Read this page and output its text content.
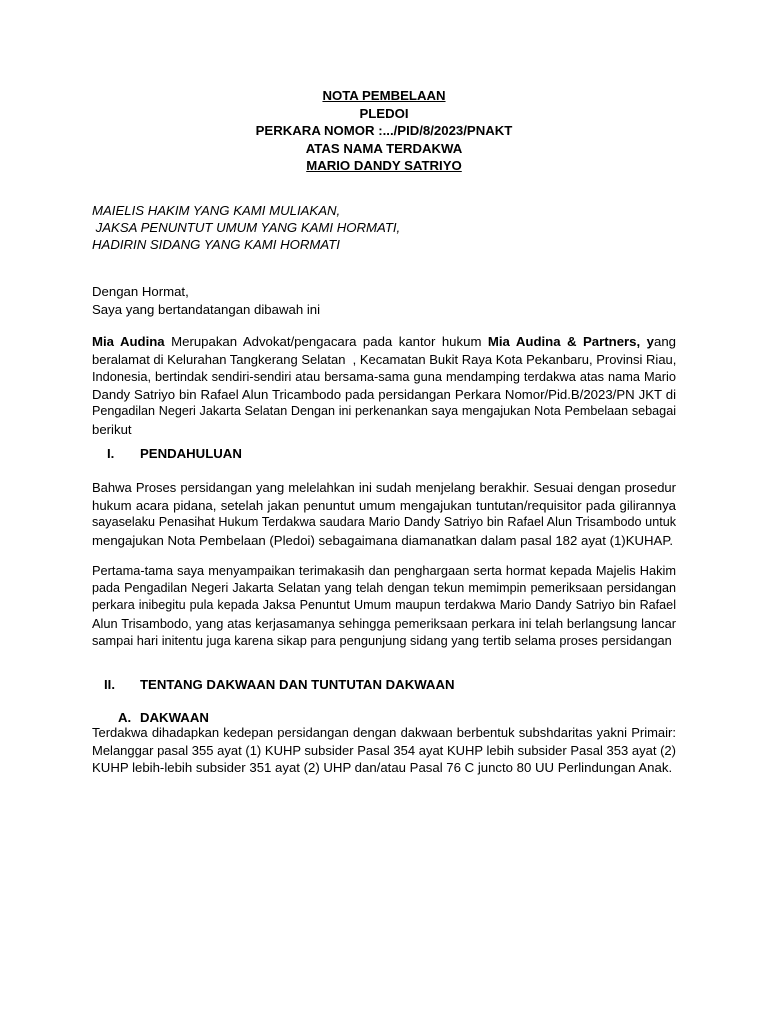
NOTA PEMBELAAN
PLEDOI
PERKARA NOMOR :.../PID/8/2023/PNAKT
ATAS NAMA TERDAKWA
MARIO DANDY SATRIYO
MAIELIS HAKIM YANG KAMI MULIAKAN,
JAKSA PENUNTUT UMUM YANG KAMI HORMATI,
HADIRIN SIDANG YANG KAMI HORMATI
Dengan Hormat,
Saya yang bertandatangan dibawah ini
Mia Audina Merupakan Advokat/pengacara pada kantor hukum Mia Audina & Partners, yang
beralamat di Kelurahan Tangkerang Selatan  , Kecamatan Bukit Raya Kota Pekanbaru, Provinsi Riau,
Indonesia, bertindak sendiri-sendiri atau bersama-sama guna mendamping terdakwa atas nama Mario
Dandy Satriyo bin Rafael Alun Tricambodo pada persidangan Perkara Nomor/Pid.B/2023/PN JKT di
Pengadilan Negeri Jakarta Selatan Dengan ini perkenankan saya mengajukan Nota Pembelaan sebagai
berikut
I. PENDAHULUAN
Bahwa Proses persidangan yang melelahkan ini sudah menjelang berakhir. Sesuai dengan prosedur
hukum acara pidana, setelah jakan penuntut umum mengajukan tuntutan/requisitor pada gilirannya
sayaselaku Penasihat Hukum Terdakwa saudara Mario Dandy Satriyo bin Rafael Alun Trisambodo untuk
mengajukan Nota Pembelaan (Pledoi) sebagaimana diamanatkan dalam pasal 182 ayat (1)KUHAP.
Pertama-tama saya menyampaikan terimakasih dan penghargaan serta hormat kepada Majelis Hakim
pada Pengadilan Negeri Jakarta Selatan yang telah dengan tekun memimpin pemeriksaan persidangan
perkara inibegitu pula kepada Jaksa Penuntut Umum maupun terdakwa Mario Dandy Satriyo bin Rafael
Alun Trisambodo, yang atas kerjasamanya sehingga pemeriksaan perkara ini telah berlangsung lancar
sampai hari initentu juga karena sikap para pengunjung sidang yang tertib selama proses persidangan
II. TENTANG DAKWAAN DAN TUNTUTAN DAKWAAN
A. DAKWAAN
Terdakwa dihadapkan kedepan persidangan dengan dakwaan berbentuk subshdaritas yakni Primair:
Melanggar pasal 355 ayat (1) KUHP subsider Pasal 354 ayat KUHP lebih subsider Pasal 353 ayat (2)
KUHP lebih-lebih subsider 351 ayat (2) UHP dan/atau Pasal 76 C juncto 80 UU Perlindungan Anak.
